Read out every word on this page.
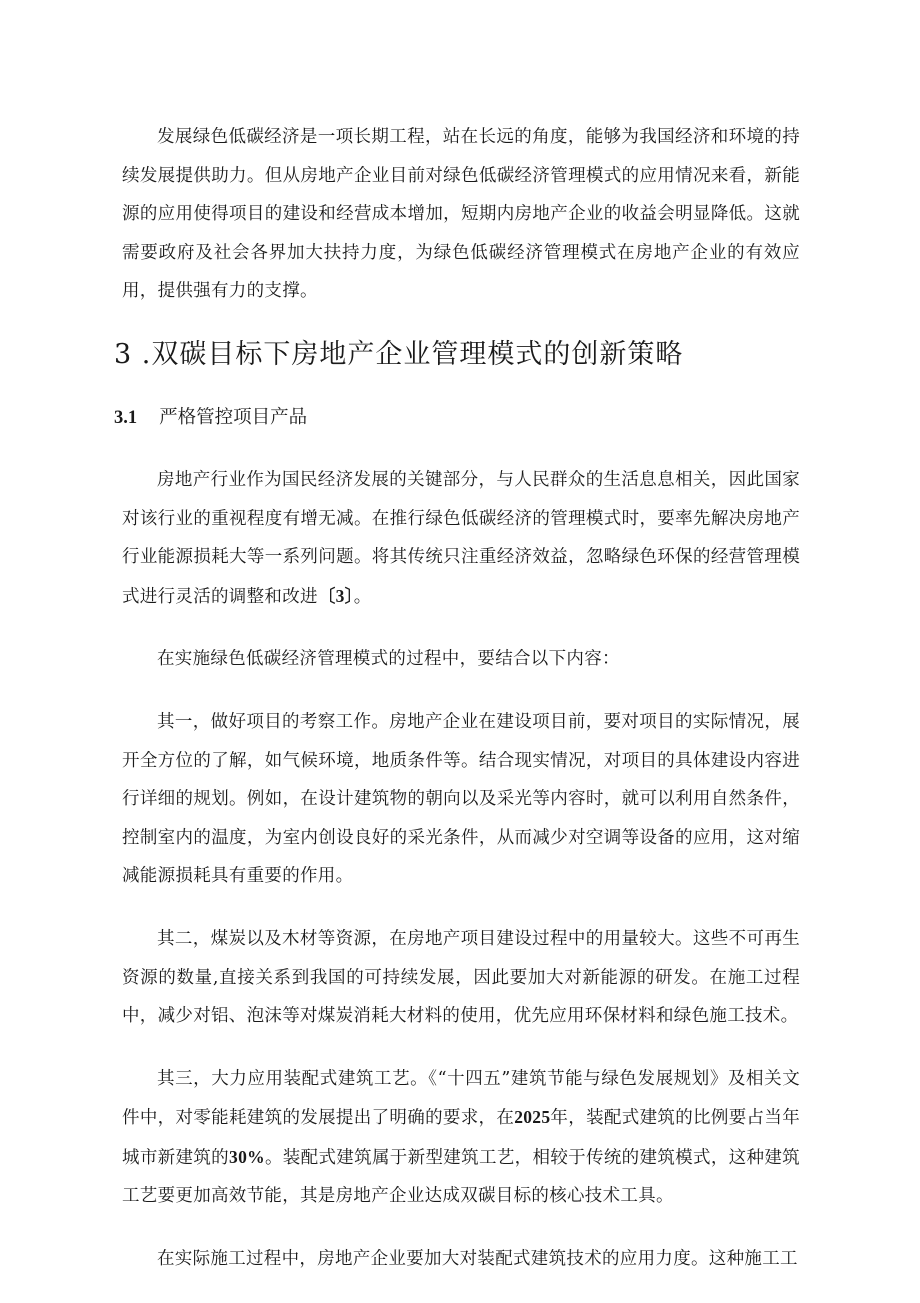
发展绿色低碳经济是一项长期工程，站在长远的角度，能够为我国经济和环境的持续发展提供助力。但从房地产企业目前对绿色低碳经济管理模式的应用情况来看，新能源的应用使得项目的建设和经营成本增加，短期内房地产企业的收益会明显降低。这就需要政府及社会各界加大扶持力度，为绿色低碳经济管理模式在房地产企业的有效应用，提供强有力的支撑。

3 .双碳目标下房地产企业管理模式的创新策略
3.1 严格管控项目产品

房地产行业作为国民经济发展的关键部分，与人民群众的生活息息相关，因此国家对该行业的重视程度有增无减。在推行绿色低碳经济的管理模式时，要率先解决房地产行业能源损耗大等一系列问题。将其传统只注重经济效益，忽略绿色环保的经营管理模式进行灵活的调整和改进〔3〕。

在实施绿色低碳经济管理模式的过程中，要结合以下内容：

其一，做好项目的考察工作。房地产企业在建设项目前，要对项目的实际情况，展开全方位的了解，如气候环境，地质条件等。结合现实情况，对项目的具体建设内容进行详细的规划。例如，在设计建筑物的朝向以及采光等内容时，就可以利用自然条件，控制室内的温度，为室内创设良好的采光条件，从而减少对空调等设备的应用，这对缩减能源损耗具有重要的作用。

其二，煤炭以及木材等资源，在房地产项目建设过程中的用量较大。这些不可再生资源的数量,直接关系到我国的可持续发展，因此要加大对新能源的研发。在施工过程中，减少对铝、泡沫等对煤炭消耗大材料的使用，优先应用环保材料和绿色施工技术。

其三，大力应用装配式建筑工艺。《“十四五”建筑节能与绿色发展规划》及相关文件中，对零能耗建筑的发展提出了明确的要求，在2025年，装配式建筑的比例要占当年城市新建筑的30%。装配式建筑属于新型建筑工艺，相较于传统的建筑模式，这种建筑工艺要更加高效节能，其是房地产企业达成双碳目标的核心技术工具。

在实际施工过程中，房地产企业要加大对装配式建筑技术的应用力度。这种施工工
